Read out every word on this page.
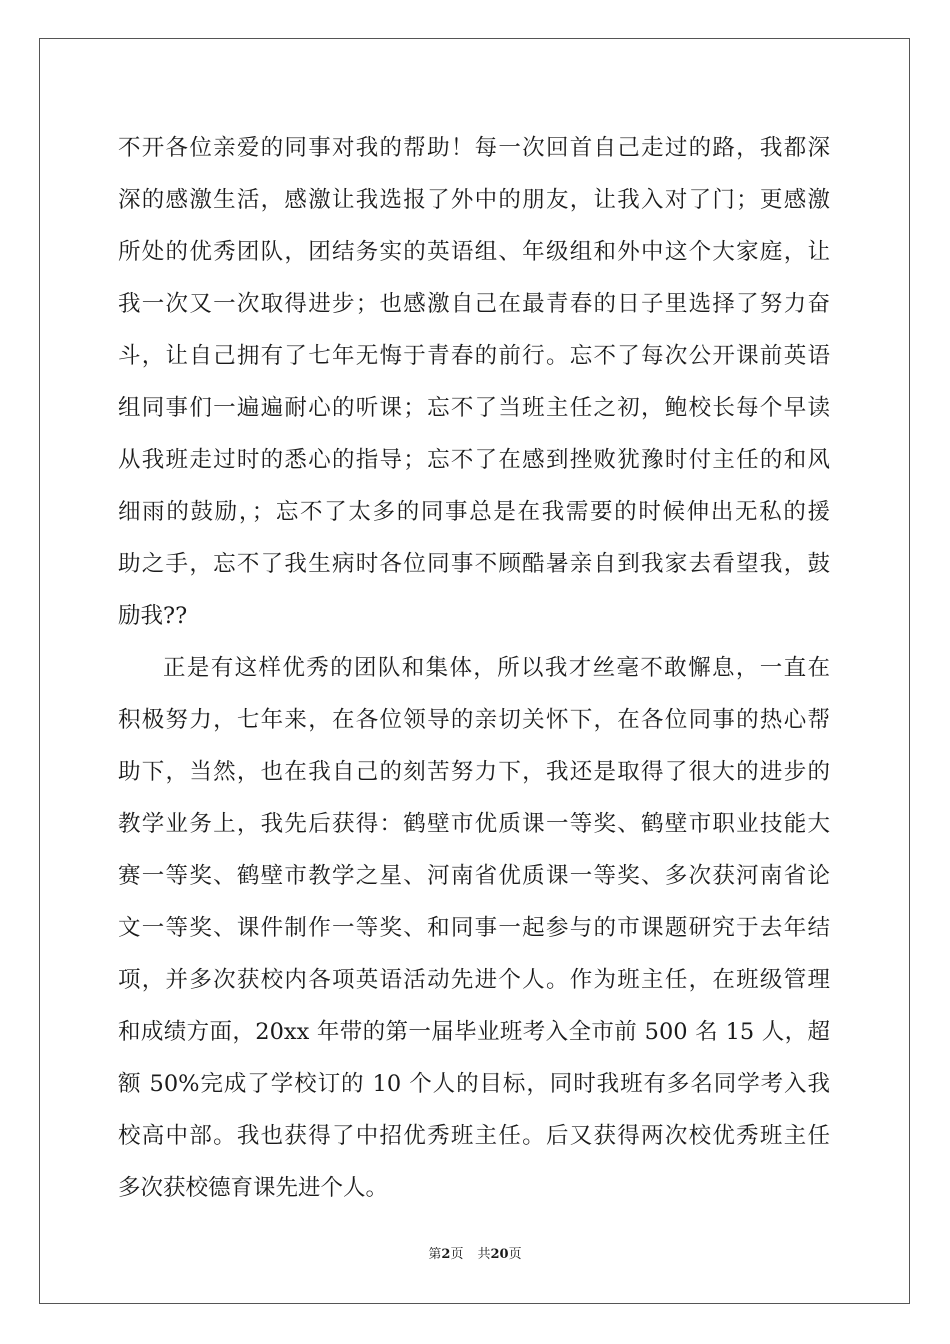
不开各位亲爱的同事对我的帮助！每一次回首自己走过的路，我都深
深的感激生活，感激让我选报了外中的朋友，让我入对了门；更感激
所处的优秀团队，团结务实的英语组、年级组和外中这个大家庭，让
我一次又一次取得进步；也感激自己在最青春的日子里选择了努力奋
斗，让自己拥有了七年无悔于青春的前行。忘不了每次公开课前英语
组同事们一遍遍耐心的听课；忘不了当班主任之初，鲍校长每个早读
从我班走过时的悉心的指导；忘不了在感到挫败犹豫时付主任的和风
细雨的鼓励，；忘不了太多的同事总是在我需要的时候伸出无私的援
助之手，忘不了我生病时各位同事不顾酷暑亲自到我家去看望我，鼓
励我??
正是有这样优秀的团队和集体，所以我才丝毫不敢懈息，一直在
积极努力，七年来，在各位领导的亲切关怀下，在各位同事的热心帮
助下，当然，也在我自己的刻苦努力下，我还是取得了很大的进步的
教学业务上，我先后获得：鹤壁市优质课一等奖、鹤壁市职业技能大
赛一等奖、鹤壁市教学之星、河南省优质课一等奖、多次获河南省论
文一等奖、课件制作一等奖、和同事一起参与的市课题研究于去年结
项，并多次获校内各项英语活动先进个人。作为班主任，在班级管理
和成绩方面，20xx 年带的第一届毕业班考入全市前 500 名 15 人，超
额 50%完成了学校订的 10 个人的目标，同时我班有多名同学考入我
校高中部。我也获得了中招优秀班主任。后又获得两次校优秀班主任
多次获校德育课先进个人。
第2页 共20页
